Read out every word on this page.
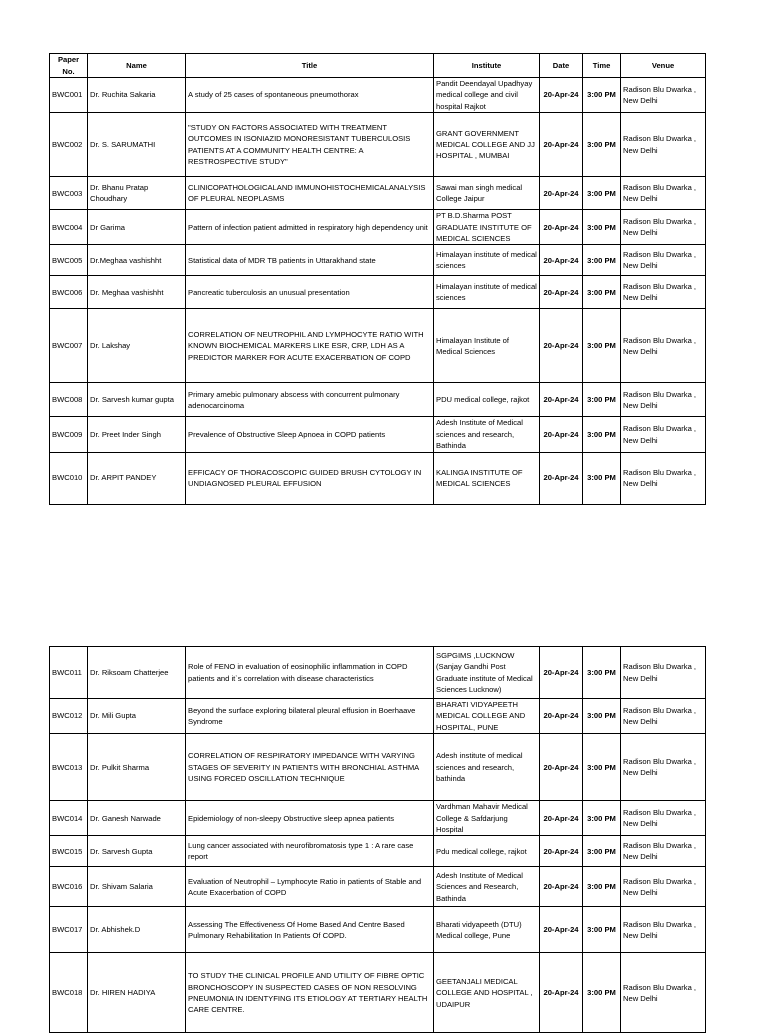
Paper No.	Name	Title	Institute	Date	Time	Venue
BWC001	Dr. Ruchita Sakaria	A study of 25 cases of spontaneous pneumothorax	Pandit Deendayal Upadhyay medical college and civil hospital Rajkot	20-Apr-24	3:00 PM	Radison Blu Dwarka , New Delhi
BWC002	Dr. S. SARUMATHI	"STUDY ON FACTORS ASSOCIATED WITH TREATMENT OUTCOMES IN ISONIAZID MONORESISTANT TUBERCULOSIS PATIENTS AT A COMMUNITY HEALTH CENTRE: A RESTROSPECTIVE STUDY"	GRANT GOVERNMENT MEDICAL COLLEGE AND JJ HOSPITAL , MUMBAI	20-Apr-24	3:00 PM	Radison Blu Dwarka , New Delhi
BWC003	Dr. Bhanu Pratap Choudhary	CLINICOPATHOLOGICALAND IMMUNOHISTOCHEMICALANALYSIS OF PLEURAL NEOPLASMS	Sawai man singh medical College Jaipur	20-Apr-24	3:00 PM	Radison Blu Dwarka , New Delhi
BWC004	Dr Garima	Pattern of infection patient admitted in respiratory high dependency unit	PT B.D.Sharma POST GRADUATE INSTITUTE OF MEDICAL SCIENCES	20-Apr-24	3:00 PM	Radison Blu Dwarka , New Delhi
BWC005	Dr.Meghaa vashishht	Statistical data of MDR TB patients in Uttarakhand state	Himalayan institute of medical sciences	20-Apr-24	3:00 PM	Radison Blu Dwarka , New Delhi
BWC006	Dr. Meghaa vashishht	Pancreatic tuberculosis an unusual presentation	Himalayan institute of medical sciences	20-Apr-24	3:00 PM	Radison Blu Dwarka , New Delhi
BWC007	Dr. Lakshay	CORRELATION OF NEUTROPHIL AND LYMPHOCYTE RATIO WITH KNOWN BIOCHEMICAL MARKERS LIKE ESR, CRP, LDH AS A PREDICTOR MARKER FOR ACUTE EXACERBATION OF COPD	Himalayan Institute of Medical Sciences	20-Apr-24	3:00 PM	Radison Blu Dwarka , New Delhi
BWC008	Dr. Sarvesh kumar gupta	Primary amebic pulmonary abscess with concurrent pulmonary adenocarcinoma	PDU medical college, rajkot	20-Apr-24	3:00 PM	Radison Blu Dwarka , New Delhi
BWC009	Dr. Preet Inder Singh	Prevalence of Obstructive Sleep Apnoea in COPD patients	Adesh Institute of Medical sciences and research, Bathinda	20-Apr-24	3:00 PM	Radison Blu Dwarka , New Delhi
BWC010	Dr. ARPIT PANDEY	EFFICACY OF THORACOSCOPIC GUIDED BRUSH CYTOLOGY IN UNDIAGNOSED PLEURAL EFFUSION	KALINGA INSTITUTE OF MEDICAL SCIENCES	20-Apr-24	3:00 PM	Radison Blu Dwarka , New Delhi
BWC011	Dr. Riksoam Chatterjee	Role of FENO in evaluation of eosinophilic inflammation in COPD patients and it`s correlation with disease characteristics	SGPGIMS ,LUCKNOW (Sanjay Gandhi Post Graduate institute of Medical Sciences Lucknow)	20-Apr-24	3:00 PM	Radison Blu Dwarka , New Delhi
BWC012	Dr. Mili Gupta	Beyond the surface exploring bilateral pleural effusion in Boerhaave Syndrome	BHARATI VIDYAPEETH MEDICAL COLLEGE AND HOSPITAL, PUNE	20-Apr-24	3:00 PM	Radison Blu Dwarka , New Delhi
BWC013	Dr. Pulkit Sharma	CORRELATION OF RESPIRATORY IMPEDANCE WITH VARYING STAGES OF SEVERITY IN PATIENTS WITH BRONCHIAL ASTHMA USING FORCED OSCILLATION TECHNIQUE	Adesh institute of medical sciences and research, bathinda	20-Apr-24	3:00 PM	Radison Blu Dwarka , New Delhi
BWC014	Dr. Ganesh Narwade	Epidemiology of non-sleepy Obstructive sleep apnea patients	Vardhman Mahavir Medical College & Safdarjung Hospital	20-Apr-24	3:00 PM	Radison Blu Dwarka , New Delhi
BWC015	Dr. Sarvesh Gupta	Lung cancer associated with neurofibromatosis type 1 : A rare case report	Pdu medical college, rajkot	20-Apr-24	3:00 PM	Radison Blu Dwarka , New Delhi
BWC016	Dr. Shivam Salaria	Evaluation of Neutrophil – Lymphocyte Ratio in patients of Stable and Acute Exacerbation of COPD	Adesh Institute of Medical Sciences and Research, Bathinda	20-Apr-24	3:00 PM	Radison Blu Dwarka , New Delhi
BWC017	Dr. Abhishek.D	Assessing The Effectiveness Of Home Based And Centre Based Pulmonary Rehabilitation In Patients Of COPD.	Bharati vidyapeeth (DTU) Medical college, Pune	20-Apr-24	3:00 PM	Radison Blu Dwarka , New Delhi
BWC018	Dr. HIREN HADIYA	TO STUDY THE CLINICAL PROFILE AND UTILITY OF FIBRE OPTIC BRONCHOSCOPY IN SUSPECTED CASES OF NON RESOLVING PNEUMONIA IN IDENTYFING ITS ETIOLOGY AT TERTIARY HEALTH CARE CENTRE.	GEETANJALI MEDICAL COLLEGE AND HOSPITAL , UDAIPUR	20-Apr-24	3:00 PM	Radison Blu Dwarka , New Delhi
